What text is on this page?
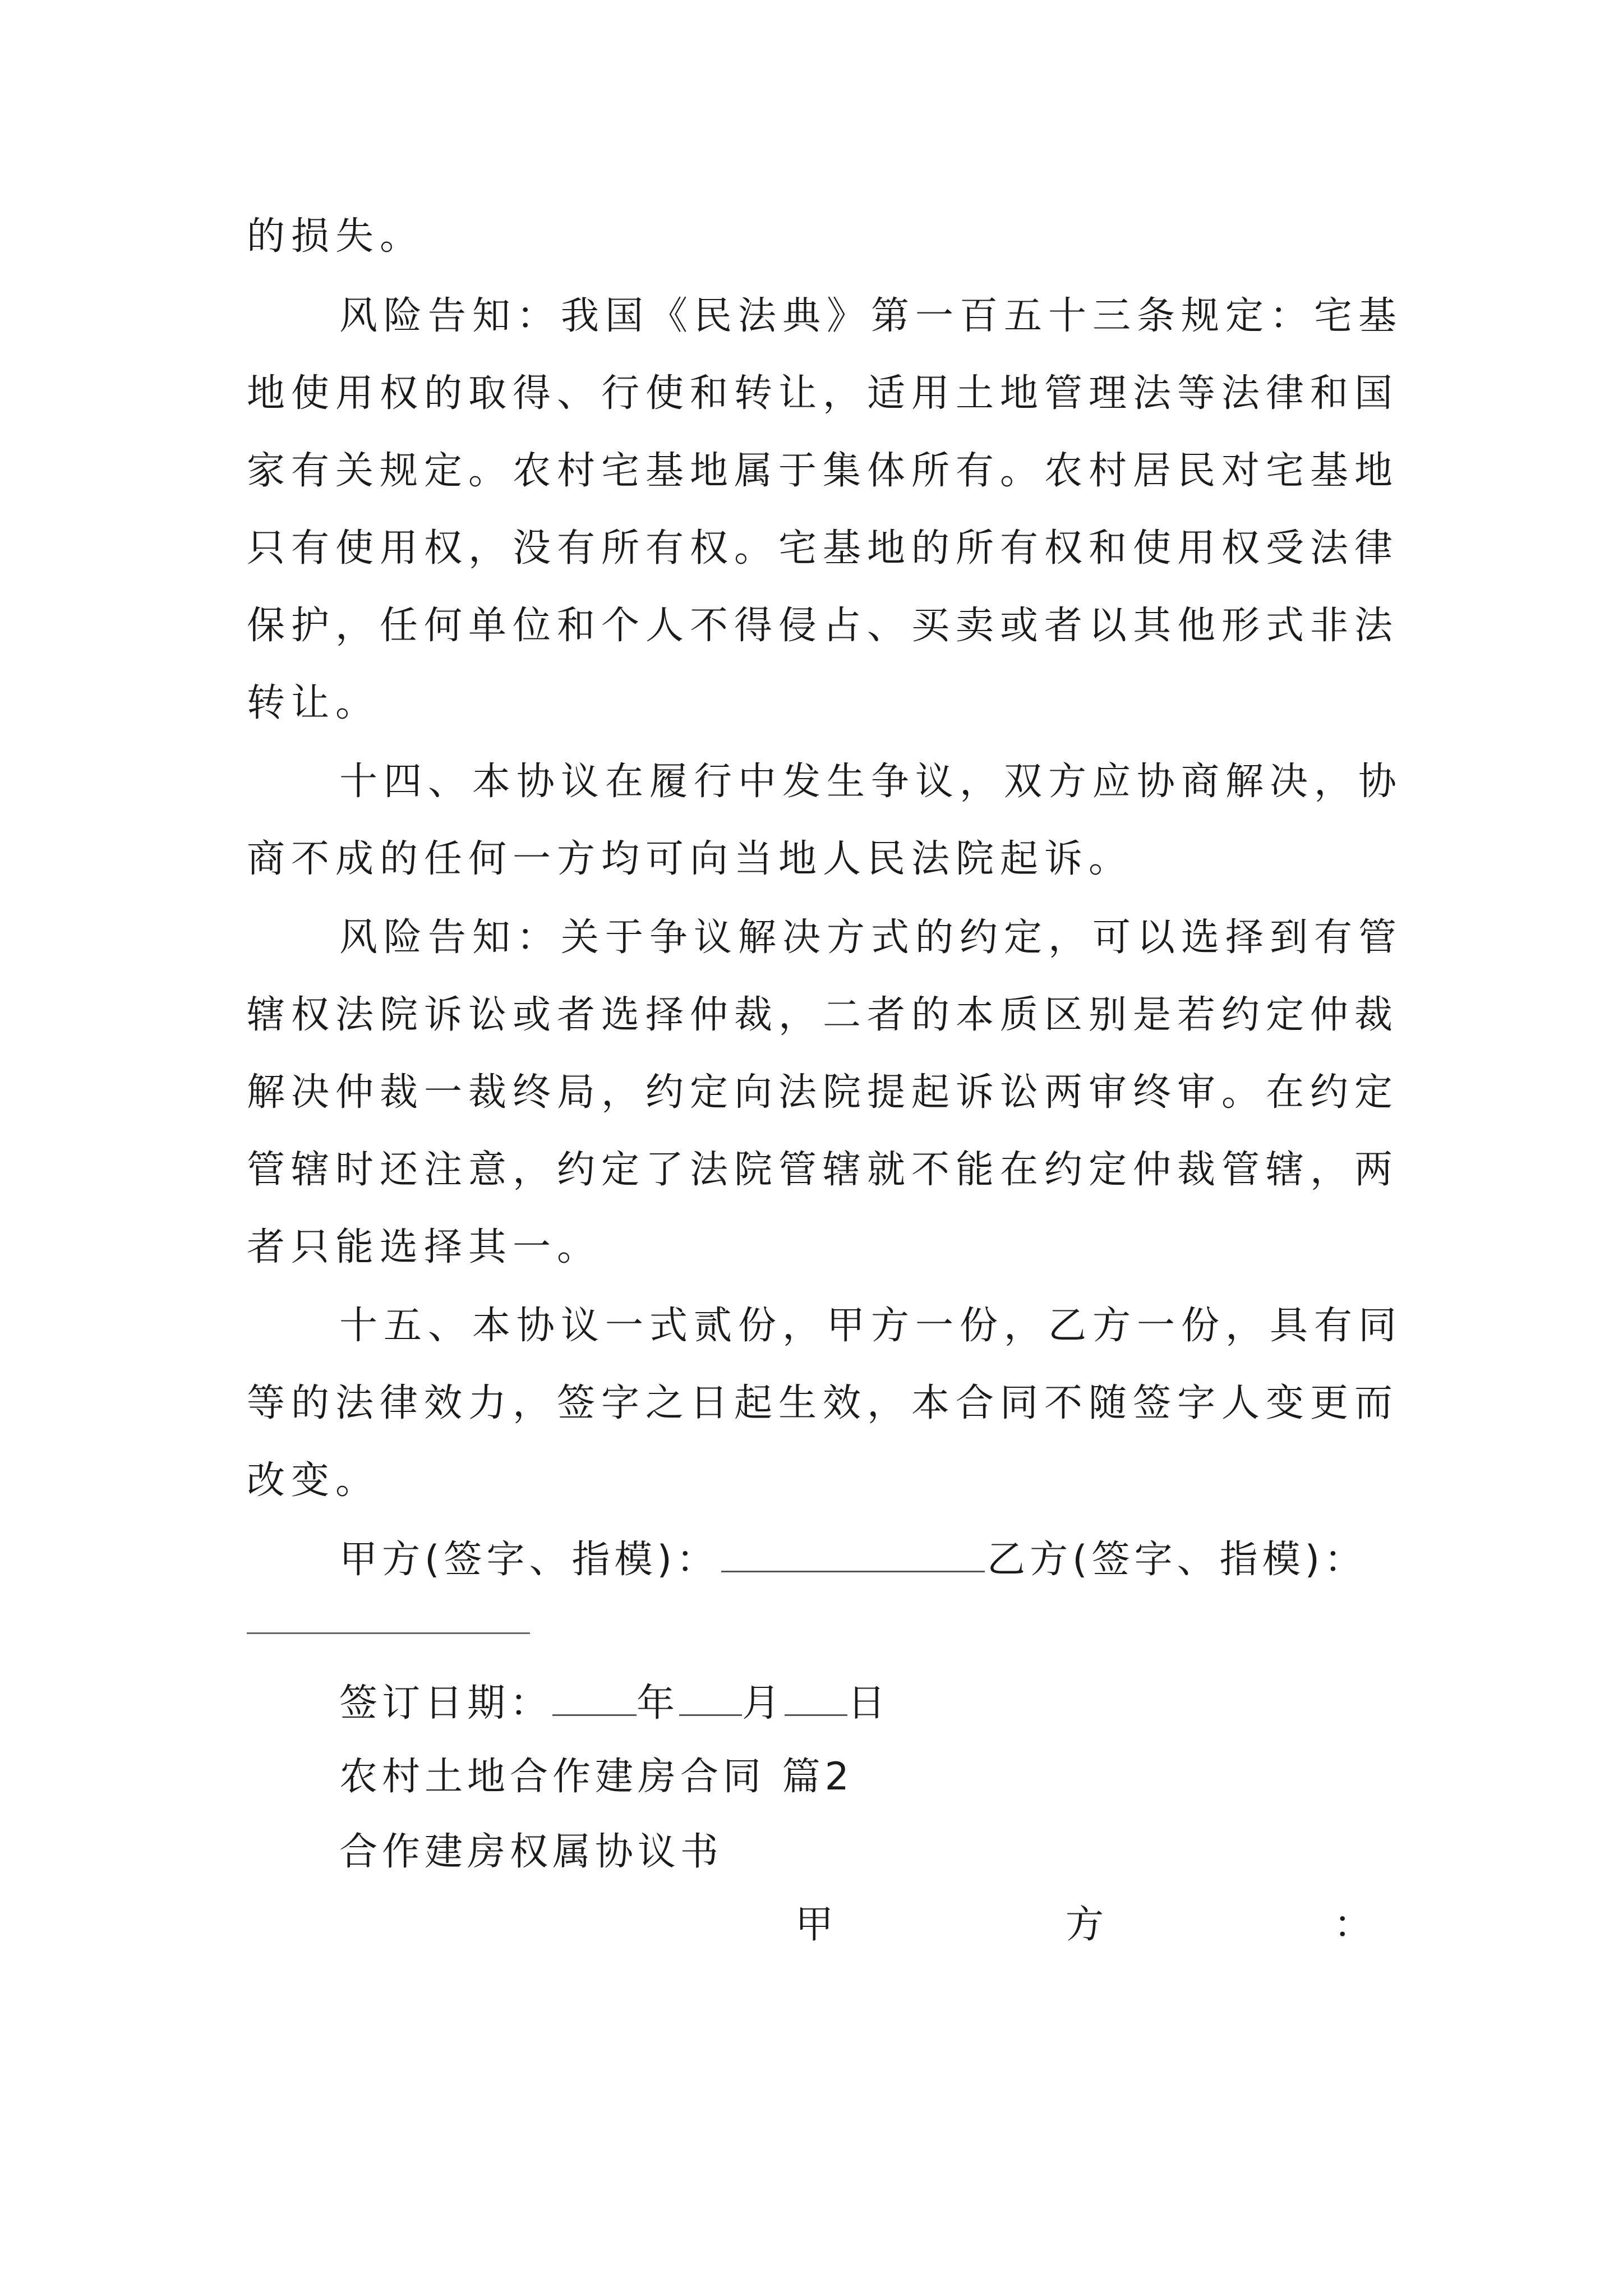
的损失。
风险告知：我国《民法典》第一百五十三条规定：宅基
地使用权的取得、行使和转让，适用土地管理法等法律和国
家有关规定。农村宅基地属于集体所有。农村居民对宅基地
只有使用权，没有所有权。宅基地的所有权和使用权受法律
保护，任何单位和个人不得侵占、买卖或者以其他形式非法
转让。
十四、本协议在履行中发生争议，双方应协商解决，协
商不成的任何一方均可向当地人民法院起诉。
风险告知：关于争议解决方式的约定，可以选择到有管
辖权法院诉讼或者选择仲裁，二者的本质区别是若约定仲裁
解决仲裁一裁终局，约定向法院提起诉讼两审终审。在约定
管辖时还注意，约定了法院管辖就不能在约定仲裁管辖，两
者只能选择其一。
十五、本协议一式贰份，甲方一份，乙方一份，具有同
等的法律效力，签字之日起生效，本合同不随签字人变更而
改变。
甲方(签字、指模)：	乙方(签字、指模)：
签订日期： 年 月 日
农村土地合作建房合同 篇2
合作建房权属协议书
甲	方	：
